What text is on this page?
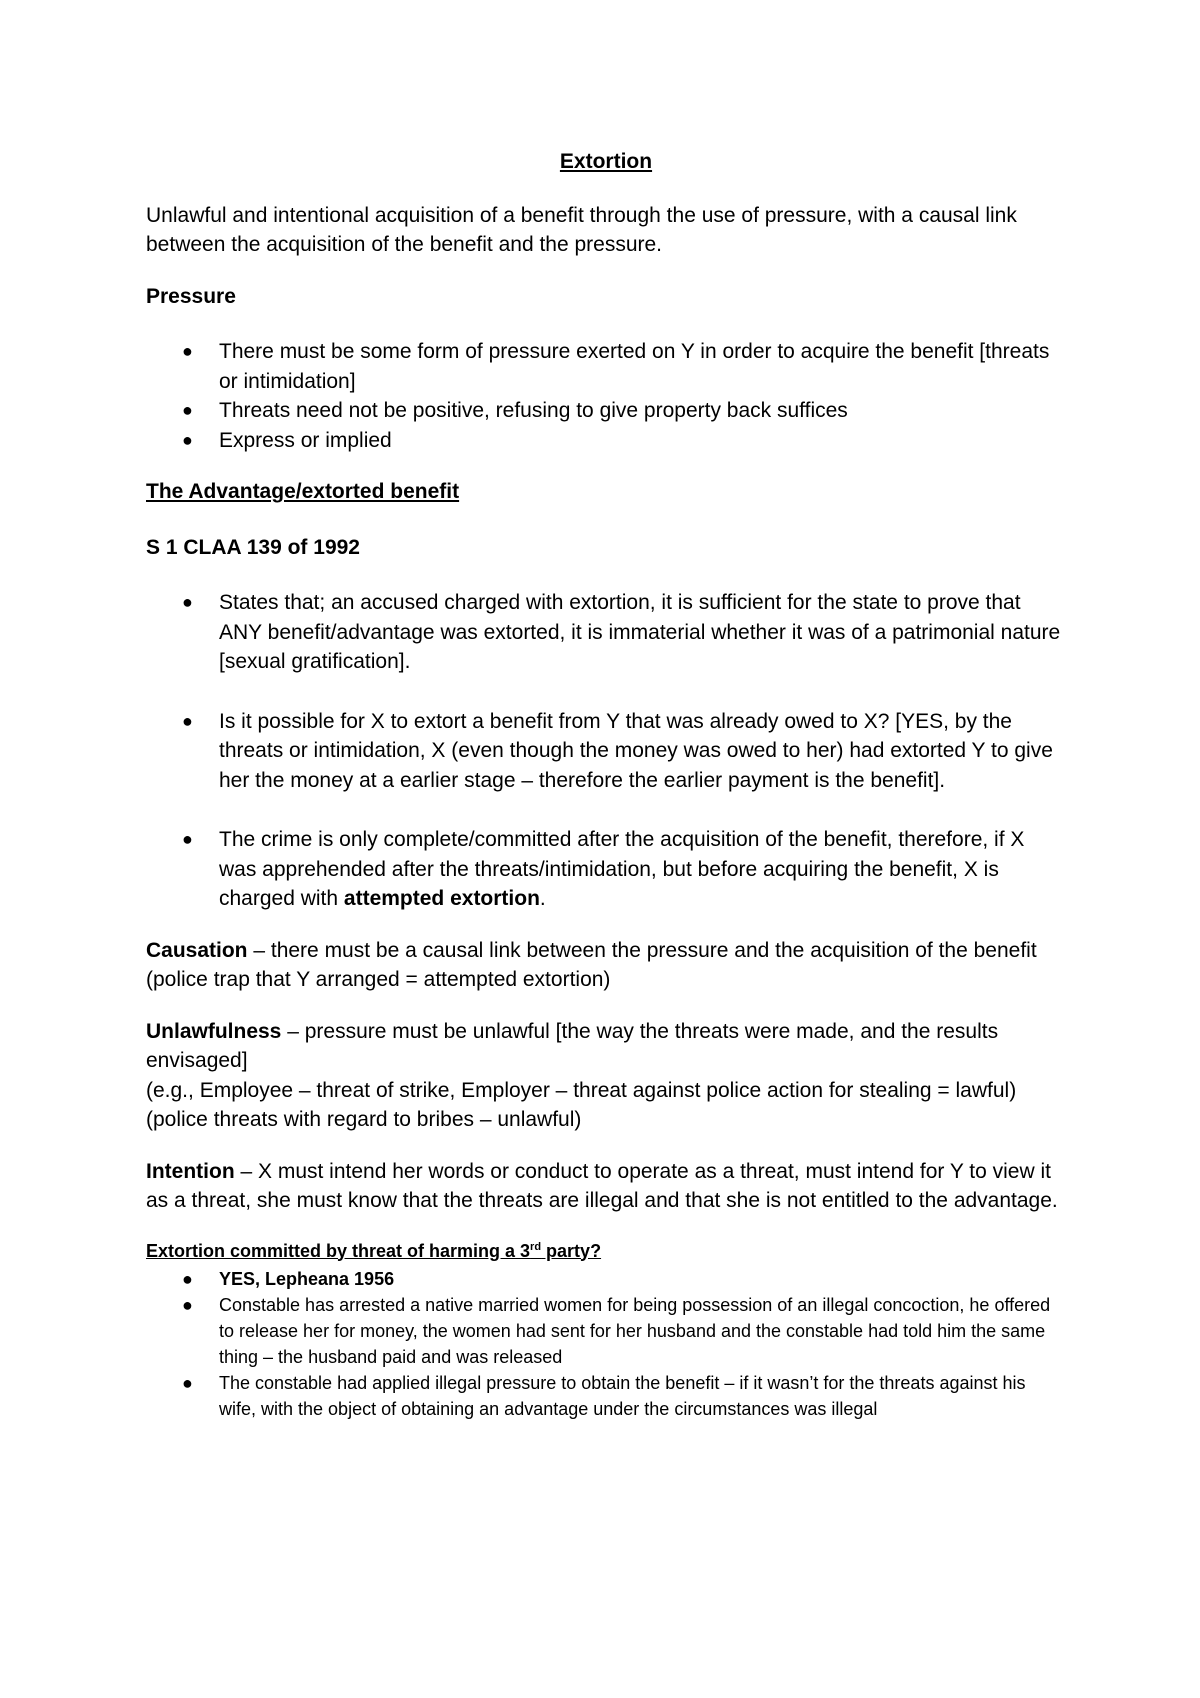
Extortion

Unlawful and intentional acquisition of a benefit through the use of pressure, with a causal link between the acquisition of the benefit and the pressure.

Pressure
● There must be some form of pressure exerted on Y in order to acquire the benefit [threats or intimidation]
● Threats need not be positive, refusing to give property back suffices
● Express or implied
The Advantage/extorted benefit
S 1 CLAA 139 of 1992
● States that; an accused charged with extortion, it is sufficient for the state to prove that ANY benefit/advantage was extorted, it is immaterial whether it was of a patrimonial nature [sexual gratification].
● Is it possible for X to extort a benefit from Y that was already owed to X? [YES, by the threats or intimidation, X (even though the money was owed to her) had extorted Y to give her the money at a earlier stage – therefore the earlier payment is the benefit].
● The crime is only complete/committed after the acquisition of the benefit, therefore, if X was apprehended after the threats/intimidation, but before acquiring the benefit, X is charged with attempted extortion.

Causation – there must be a causal link between the pressure and the acquisition of the benefit (police trap that Y arranged = attempted extortion)

Unlawfulness – pressure must be unlawful [the way the threats were made, and the results envisaged]
(e.g., Employee – threat of strike, Employer – threat against police action for stealing = lawful) (police threats with regard to bribes – unlawful)

Intention – X must intend her words or conduct to operate as a threat, must intend for Y to view it as a threat, she must know that the threats are illegal and that she is not entitled to the advantage.

Extortion committed by threat of harming a 3rd party?
● YES, Lepheana 1956
● Constable has arrested a native married women for being possession of an illegal concoction, he offered to release her for money, the women had sent for her husband and the constable had told him the same thing – the husband paid and was released
● The constable had applied illegal pressure to obtain the benefit – if it wasn’t for the threats against his wife, with the object of obtaining an advantage under the circumstances was illegal
